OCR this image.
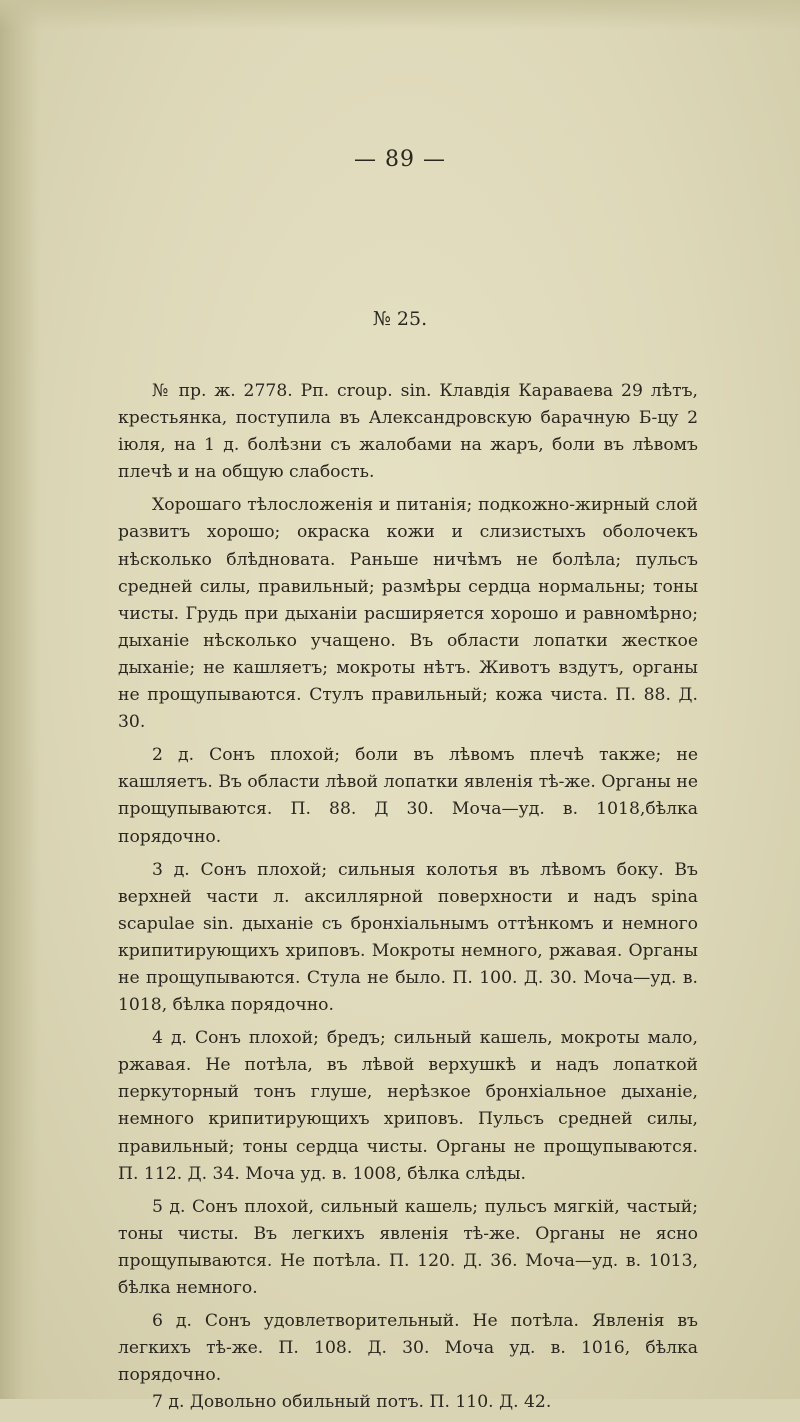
— 89 —
№ 25.

№ пр. ж. 2778. Рп. croup. sin. Клавдія Караваева 29 лѣтъ, крестьянка, поступила въ Александровскую барачную Б-цу 2 іюля, на 1 д. болѣзни съ жалобами на жаръ, боли въ лѣвомъ плечѣ и на общую слабость.

Хорошаго тѣлосложенія и питанія; подкожно-жирный слой развитъ хорошо; окраска кожи и слизистыхъ оболочекъ нѣсколько блѣдновата. Раньше ничѣмъ не болѣла; пульсъ средней силы, правильный; размѣры сердца нормальны; тоны чисты. Грудь при дыханіи расширяется хорошо и равномѣрно; дыханіе нѣсколько учащено. Въ области лопатки жесткое дыханіе; не кашляетъ; мокроты нѣтъ. Животъ вздутъ, органы не прощупываются. Стулъ правильный; кожа чиста. П. 88. Д. 30.

2 д. Сонъ плохой; боли въ лѣвомъ плечѣ также; не кашляетъ. Въ области лѣвой лопатки явленія тѣ-же. Органы не прощупываются. П. 88. Д 30. Моча—уд. в. 1018,бѣлка порядочно.

3 д. Сонъ плохой; сильныя колотья въ лѣвомъ боку. Въ верхней части л. аксиллярной поверхности и надъ spina scapulae sin. дыханіе съ бронхіальнымъ оттѣнкомъ и немного крипитирующихъ хриповъ. Мокроты немного, ржавая. Органы не прощупываются. Стула не было. П. 100. Д. 30. Моча—уд. в. 1018, бѣлка порядочно.

4 д. Сонъ плохой; бредъ; сильный кашель, мокроты мало, ржавая. Не потѣла, въ лѣвой верхушкѣ и надъ лопаткой перкуторный тонъ глуше, нерѣзкое бронхіальное дыханіе, немного крипитирующихъ хриповъ. Пульсъ средней силы, правильный; тоны сердца чисты. Органы не прощупываются. П. 112. Д. 34. Моча уд. в. 1008, бѣлка слѣды.

5 д. Сонъ плохой, сильный кашель; пульсъ мягкій, частый; тоны чисты. Въ легкихъ явленія тѣ-же. Органы не ясно прощупываются. Не потѣла. П. 120. Д. 36. Моча—уд. в. 1013, бѣлка немного.

6 д. Сонъ удовлетворительный. Не потѣла. Явленія въ легкихъ тѣ-же. П. 108. Д. 30. Моча уд. в. 1016, бѣлка порядочно.

7 д. Довольно обильный потъ. П. 110. Д. 42.
